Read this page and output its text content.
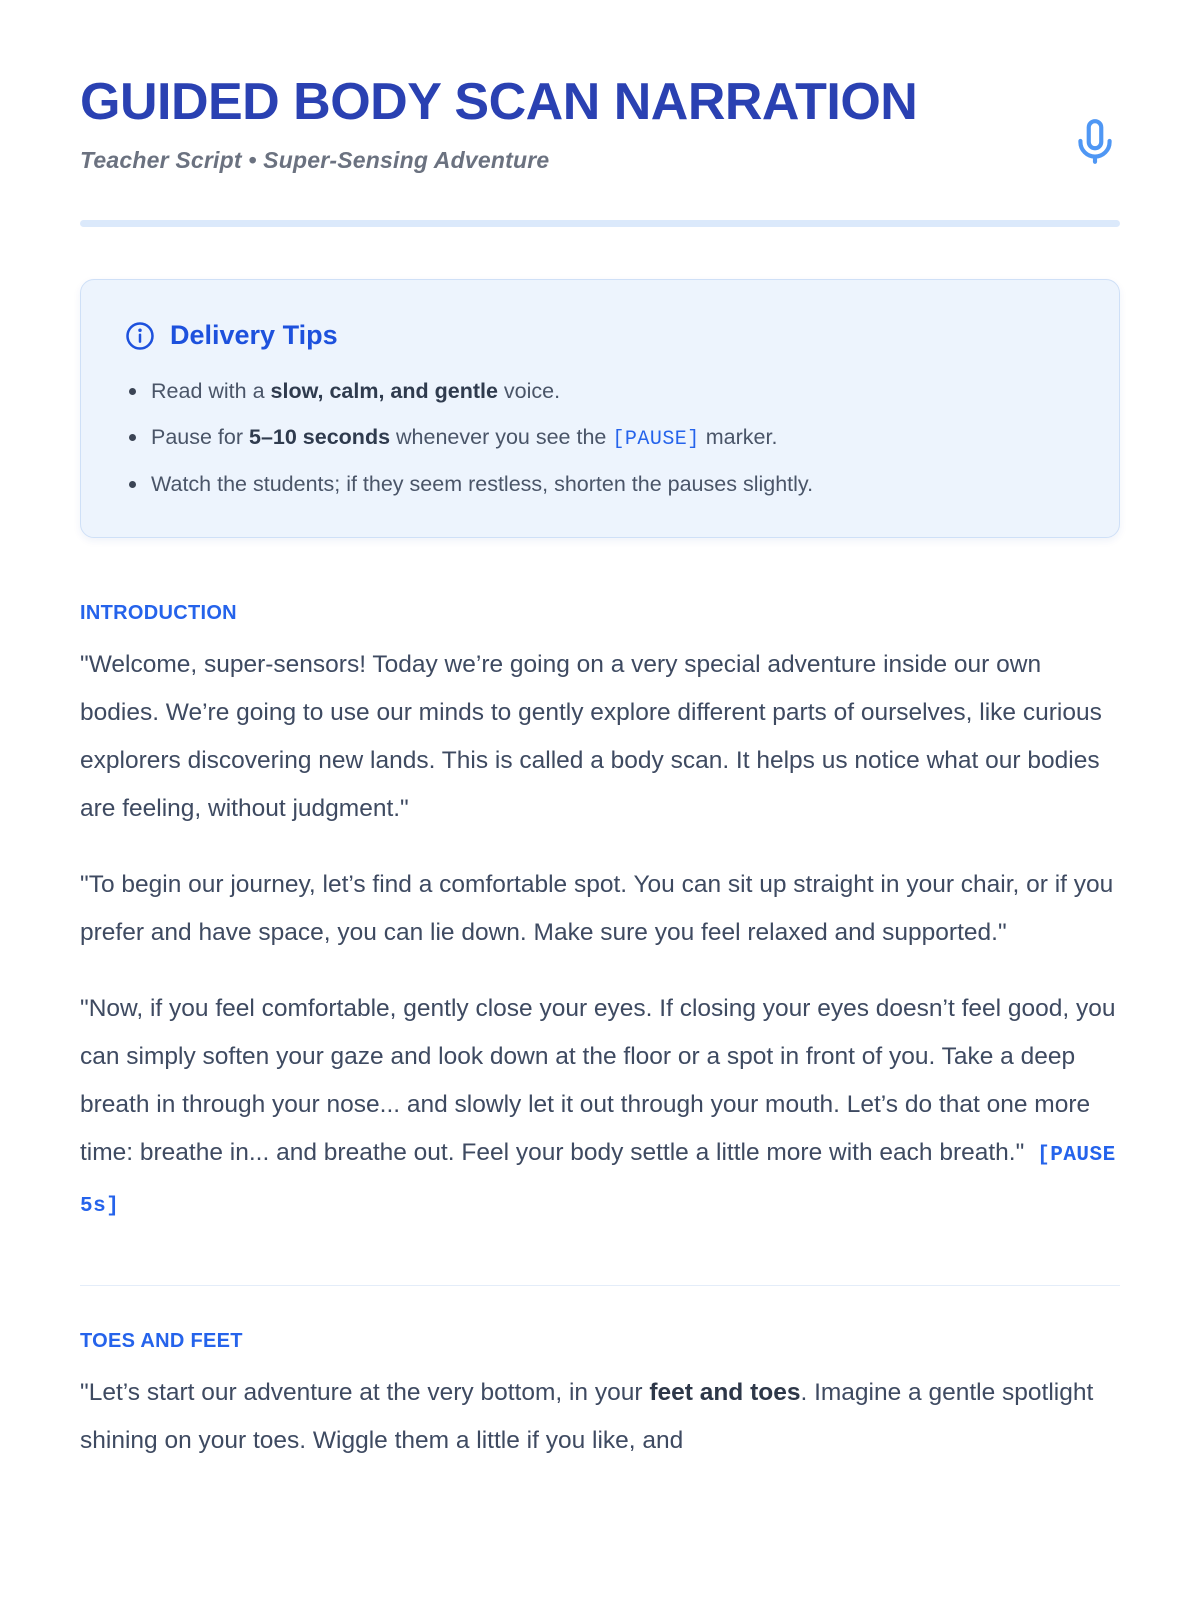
GUIDED BODY SCAN NARRATION
Teacher Script • Super-Sensing Adventure
Delivery Tips
Read with a slow, calm, and gentle voice.
Pause for 5–10 seconds whenever you see the [PAUSE] marker.
Watch the students; if they seem restless, shorten the pauses slightly.
INTRODUCTION

"Welcome, super-sensors! Today we’re going on a very special adventure inside our own bodies. We’re going to use our minds to gently explore different parts of ourselves, like curious explorers discovering new lands. This is called a body scan. It helps us notice what our bodies are feeling, without judgment."

"To begin our journey, let’s find a comfortable spot. You can sit up straight in your chair, or if you prefer and have space, you can lie down. Make sure you feel relaxed and supported."

"Now, if you feel comfortable, gently close your eyes. If closing your eyes doesn’t feel good, you can simply soften your gaze and look down at the floor or a spot in front of you. Take a deep breath in through your nose... and slowly let it out through your mouth. Let’s do that one more time: breathe in... and breathe out. Feel your body settle a little more with each breath." [PAUSE 5s]

TOES AND FEET

"Let’s start our adventure at the very bottom, in your feet and toes. Imagine a gentle spotlight shining on your toes. Wiggle them a little if you like, and
